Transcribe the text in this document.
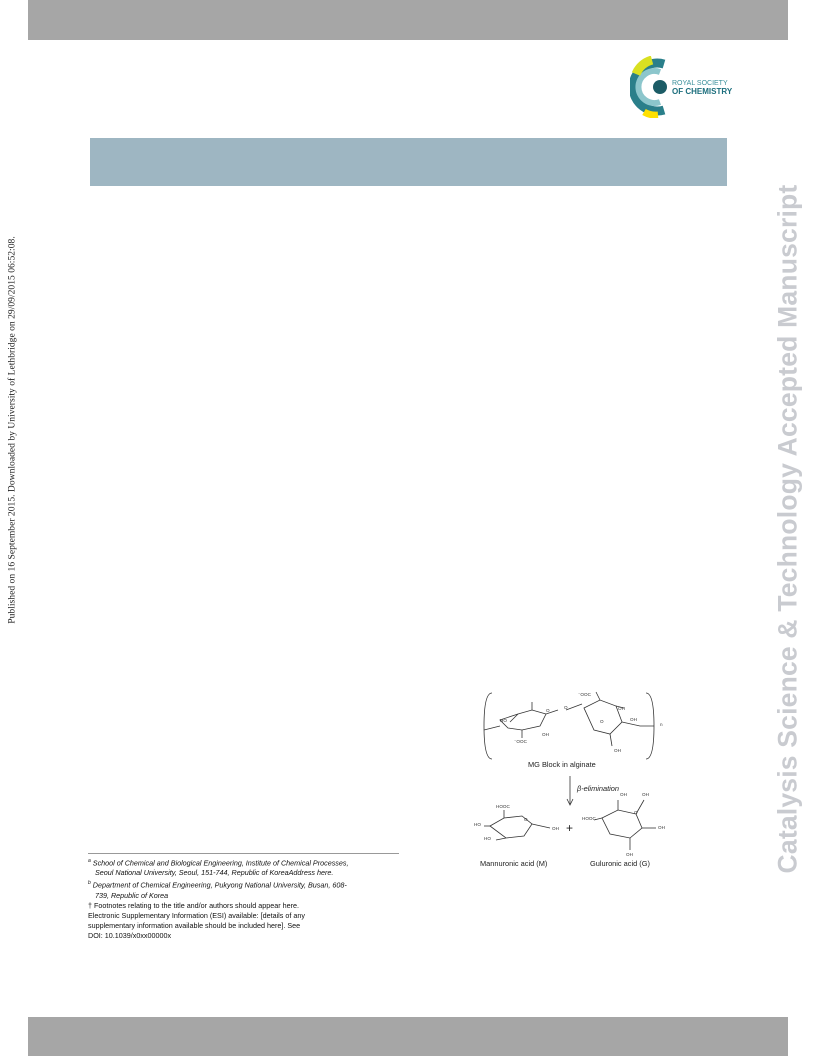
ROYAL SOCIETY
OF CHEMISTRY
Published on 16 September 2015. Downloaded by University of Lethbridge on 29/09/2015 06:52:08.	Catalysis Science & Technology Accepted Manuscript
⁻OOC
OH
HO
O
O
O
⁻OOC
OH
OH
OH
n
MG Block in alginate
β-elimination
HOOC
HO
HO
O
OH +
OH	OH
HOOC
O
OH
OH
Mannuronic acid (M)	Guluronic acid (G)

$^a$ School of Chemical and Biological Engineering, Institute of Chemical Processes,

Seoul National University, Seoul, 151-744, Republic of KoreaAddress here.

$^b$ Department of Chemical Engineering, Pukyong National University, Busan, 608-

739, Republic of Korea

† Footnotes relating to the title and/or authors should appear here.

Electronic Supplementary Information (ESI) available: [details of any

supplementary information available should be included here]. See

DOI: 10.1039/x0xx00000x
